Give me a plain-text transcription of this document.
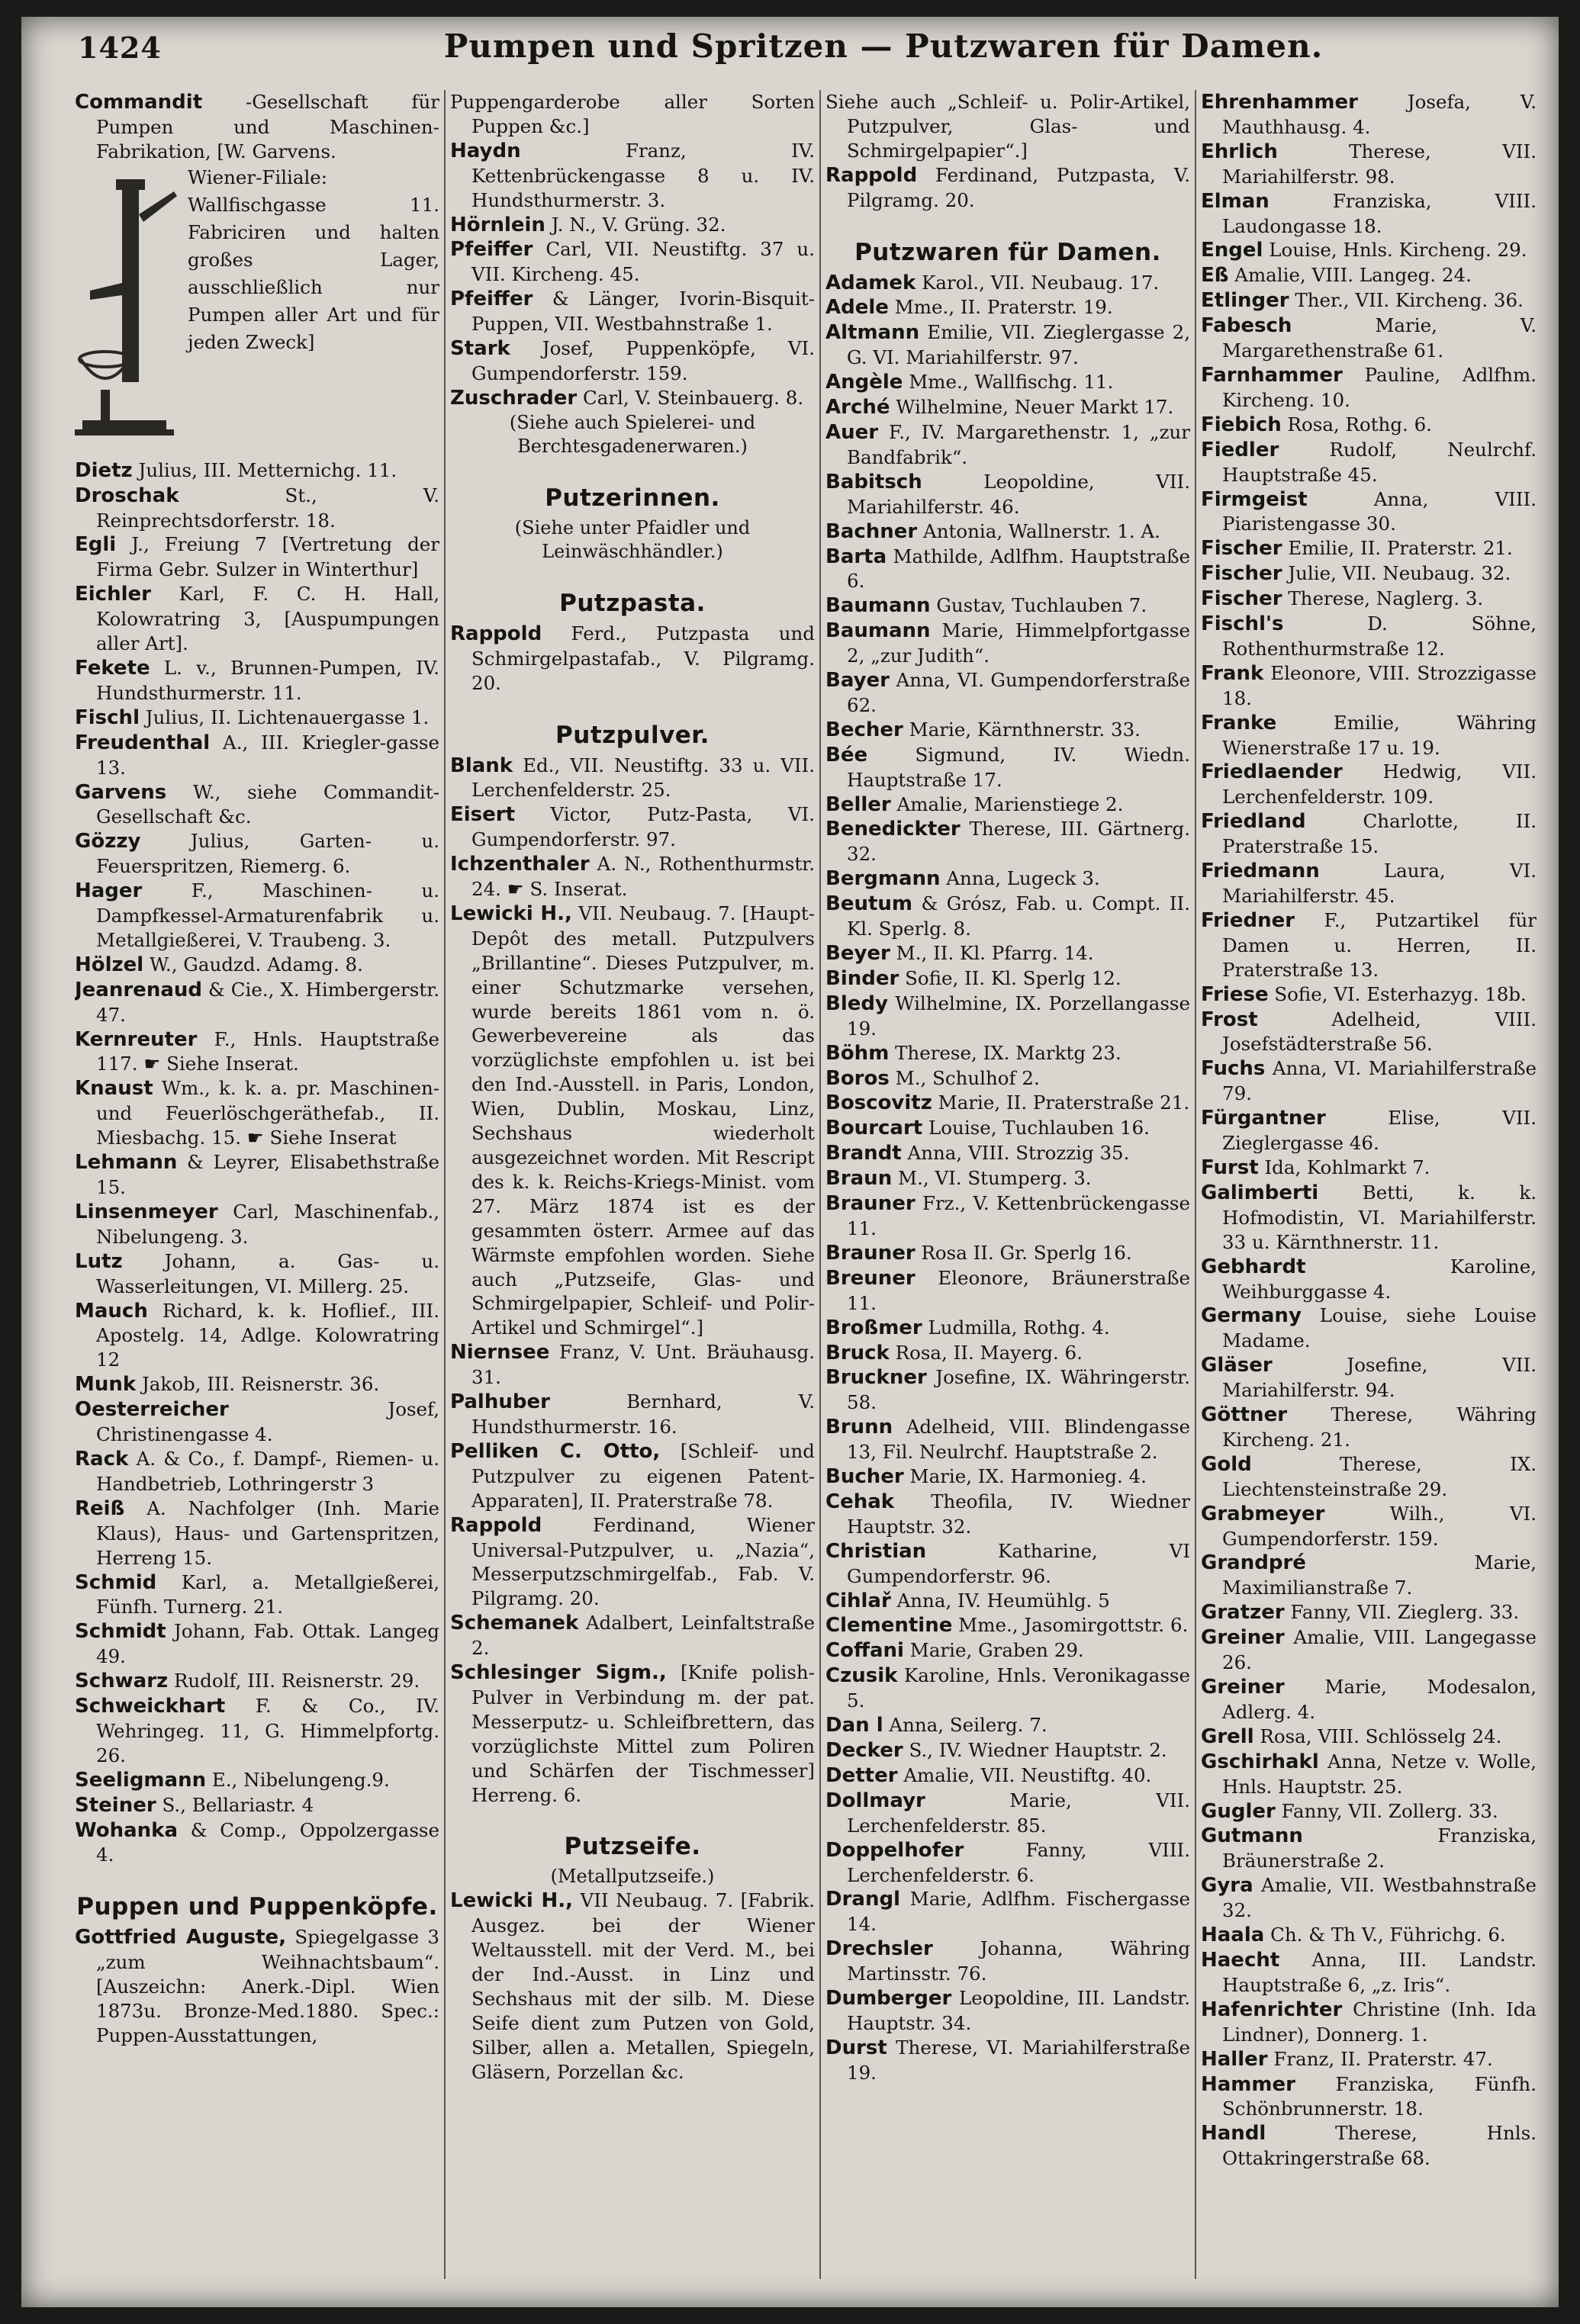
1424	Pumpen und Spritzen — Putzwaren für Damen.

Commandit -Gesellschaft für Pumpen und Maschinen-Fabrikation, [W. Garvens.

Wiener-Filiale: Wallfischgasse 11. Fabriciren und halten großes Lager, ausschließlich nur Pumpen aller Art und für jeden Zweck]

Dietz Julius, III. Metternichg. 11.

Droschak St., V. Reinprechtsdorferstr. 18.

Egli J., Freiung 7 [Vertretung der Firma Gebr. Sulzer in Winterthur]

Eichler Karl, F. C. H. Hall, Kolowratring 3, [Auspumpungen aller Art].

Fekete L. v., Brunnen-Pumpen, IV. Hundsthurmerstr. 11.

Fischl Julius, II. Lichtenauergasse 1.

Freudenthal A., III. Kriegler-gasse 13.

Garvens W., siehe Commandit-Gesellschaft &c.

Gözzy Julius, Garten- u. Feuerspritzen, Riemerg. 6.

Hager F., Maschinen- u. Dampfkessel-Armaturenfabrik u. Metallgießerei, V. Traubeng. 3.

Hölzel W., Gaudzd. Adamg. 8.

Jeanrenaud & Cie., X. Himbergerstr. 47.

Kernreuter F., Hnls. Hauptstraße 117. ☛ Siehe Inserat.

Knaust Wm., k. k. a. pr. Maschinen- und Feuerlöschgeräthefab., II. Miesbachg. 15. ☛ Siehe Inserat

Lehmann & Leyrer, Elisabethstraße 15.

Linsenmeyer Carl, Maschinenfab., Nibelungeng. 3.

Lutz Johann, a. Gas- u. Wasserleitungen, VI. Millerg. 25.

Mauch Richard, k. k. Hoflief., III. Apostelg. 14, Adlge. Kolowratring 12

Munk Jakob, III. Reisnerstr. 36.

Oesterreicher Josef, Christinengasse 4.

Rack A. & Co., f. Dampf-, Riemen- u. Handbetrieb, Lothringerstr 3

Reiß A. Nachfolger (Inh. Marie Klaus), Haus- und Gartenspritzen, Herreng 15.

Schmid Karl, a. Metallgießerei, Fünfh. Turnerg. 21.

Schmidt Johann, Fab. Ottak. Langeg 49.

Schwarz Rudolf, III. Reisnerstr. 29.

Schweickhart F. & Co., IV. Wehringeg. 11, G. Himmelpfortg. 26.

Seeligmann E., Nibelungeng.9.

Steiner S., Bellariastr. 4

Wohanka & Comp., Oppolzergasse 4.

Puppen und Puppenköpfe.

Gottfried Auguste, Spiegelgasse 3 „zum Weihnachtsbaum“. [Auszeichn: Anerk.-Dipl. Wien 1873u. Bronze-Med.1880. Spec.: Puppen-Ausstattungen,

Puppengarderobe aller Sorten Puppen &c.]

Haydn Franz, IV. Kettenbrückengasse 8 u. IV. Hundsthurmerstr. 3.

Hörnlein J. N., V. Grüng. 32.

Pfeiffer Carl, VII. Neustiftg. 37 u. VII. Kircheng. 45.

Pfeiffer & Länger, Ivorin-Bisquit-Puppen, VII. Westbahnstraße 1.

Stark Josef, Puppenköpfe, VI. Gumpendorferstr. 159.

Zuschrader Carl, V. Steinbauerg. 8.

(Siehe auch Spielerei- und Berchtesgadenerwaren.)
Putzerinnen.
(Siehe unter Pfaidler und Leinwäschhändler.)
Putzpasta.

Rappold Ferd., Putzpasta und Schmirgelpastafab., V. Pilgramg. 20.

Putzpulver.

Blank Ed., VII. Neustiftg. 33 u. VII. Lerchenfelderstr. 25.

Eisert Victor, Putz-Pasta, VI. Gumpendorferstr. 97.

Ichzenthaler A. N., Rothenthurmstr. 24. ☛ S. Inserat.

Lewicki H., VII. Neubaug. 7. [Haupt-Depôt des metall. Putzpulvers „Brillantine“. Dieses Putzpulver, m. einer Schutzmarke versehen, wurde bereits 1861 vom n. ö. Gewerbevereine als das vorzüglichste empfohlen u. ist bei den Ind.-Ausstell. in Paris, London, Wien, Dublin, Moskau, Linz, Sechshaus wiederholt ausgezeichnet worden. Mit Rescript des k. k. Reichs-Kriegs-Minist. vom 27. März 1874 ist es der gesammten österr. Armee auf das Wärmste empfohlen worden. Siehe auch „Putzseife, Glas- und Schmirgelpapier, Schleif- und Polir-Artikel und Schmirgel“.]

Niernsee Franz, V. Unt. Bräuhausg. 31.

Palhuber Bernhard, V. Hundsthurmerstr. 16.

Pelliken C. Otto, [Schleif- und Putzpulver zu eigenen Patent-Apparaten], II. Praterstraße 78.

Rappold Ferdinand, Wiener Universal-Putzpulver, u. „Nazia“, Messerputzschmirgelfab., Fab. V. Pilgramg. 20.

Schemanek Adalbert, Leinfaltstraße 2.

Schlesinger Sigm., [Knife polish-Pulver in Verbindung m. der pat. Messerputz- u. Schleifbrettern, das vorzüglichste Mittel zum Poliren und Schärfen der Tischmesser] Herreng. 6.

Putzseife.
(Metallputzseife.)

Lewicki H., VII Neubaug. 7. [Fabrik. Ausgez. bei der Wiener Weltausstell. mit der Verd. M., bei der Ind.-Ausst. in Linz und Sechshaus mit der silb. M. Diese Seife dient zum Putzen von Gold, Silber, allen a. Metallen, Spiegeln, Gläsern, Porzellan &c.

Siehe auch „Schleif- u. Polir-Artikel, Putzpulver, Glas- und Schmirgelpapier“.]

Rappold Ferdinand, Putzpasta, V. Pilgramg. 20.

Putzwaren für Damen.

Adamek Karol., VII. Neubaug. 17.

Adele Mme., II. Praterstr. 19.

Altmann Emilie, VII. Zieglergasse 2, G. VI. Mariahilferstr. 97.

Angèle Mme., Wallfischg. 11.

Arché Wilhelmine, Neuer Markt 17.

Auer F., IV. Margarethenstr. 1, „zur Bandfabrik“.

Babitsch Leopoldine, VII. Mariahilferstr. 46.

Bachner Antonia, Wallnerstr. 1. A.

Barta Mathilde, Adlfhm. Hauptstraße 6.

Baumann Gustav, Tuchlauben 7.

Baumann Marie, Himmelpfortgasse 2, „zur Judith“.

Bayer Anna, VI. Gumpendorferstraße 62.

Becher Marie, Kärnthnerstr. 33.

Bée Sigmund, IV. Wiedn. Hauptstraße 17.

Beller Amalie, Marienstiege 2.

Benedickter Therese, III. Gärtnerg. 32.

Bergmann Anna, Lugeck 3.

Beutum & Grósz, Fab. u. Compt. II. Kl. Sperlg. 8.

Beyer M., II. Kl. Pfarrg. 14.

Binder Sofie, II. Kl. Sperlg 12.

Bledy Wilhelmine, IX. Porzellangasse 19.

Böhm Therese, IX. Marktg 23.

Boros M., Schulhof 2.

Boscovitz Marie, II. Praterstraße 21.

Bourcart Louise, Tuchlauben 16.

Brandt Anna, VIII. Strozzig 35.

Braun M., VI. Stumperg. 3.

Brauner Frz., V. Kettenbrückengasse 11.

Brauner Rosa II. Gr. Sperlg 16.

Breuner Eleonore, Bräunerstraße 11.

Broßmer Ludmilla, Rothg. 4.

Bruck Rosa, II. Mayerg. 6.

Bruckner Josefine, IX. Währingerstr. 58.

Brunn Adelheid, VIII. Blindengasse 13, Fil. Neulrchf. Hauptstraße 2.

Bucher Marie, IX. Harmonieg. 4.

Cehak Theofila, IV. Wiedner Hauptstr. 32.

Christian Katharine, VI Gumpendorferstr. 96.

Cihlař Anna, IV. Heumühlg. 5

Clementine Mme., Jasomirgottstr. 6.

Coffani Marie, Graben 29.

Czusik Karoline, Hnls. Veronikagasse 5.

Dan l Anna, Seilerg. 7.

Decker S., IV. Wiedner Hauptstr. 2.

Detter Amalie, VII. Neustiftg. 40.

Dollmayr Marie, VII. Lerchenfelderstr. 85.

Doppelhofer Fanny, VIII. Lerchenfelderstr. 6.

Drangl Marie, Adlfhm. Fischergasse 14.

Drechsler Johanna, Währing Martinsstr. 76.

Dumberger Leopoldine, III. Landstr. Hauptstr. 34.

Durst Therese, VI. Mariahilferstraße 19.

Ehrenhammer Josefa, V. Mauthhausg. 4.

Ehrlich Therese, VII. Mariahilferstr. 98.

Elman Franziska, VIII. Laudongasse 18.

Engel Louise, Hnls. Kircheng. 29.

Eß Amalie, VIII. Langeg. 24.

Etlinger Ther., VII. Kircheng. 36.

Fabesch Marie, V. Margarethenstraße 61.

Farnhammer Pauline, Adlfhm. Kircheng. 10.

Fiebich Rosa, Rothg. 6.

Fiedler Rudolf, Neulrchf. Hauptstraße 45.

Firmgeist Anna, VIII. Piaristengasse 30.

Fischer Emilie, II. Praterstr. 21.

Fischer Julie, VII. Neubaug. 32.

Fischer Therese, Naglerg. 3.

Fischl's D. Söhne, Rothenthurmstraße 12.

Frank Eleonore, VIII. Strozzigasse 18.

Franke Emilie, Währing Wienerstraße 17 u. 19.

Friedlaender Hedwig, VII. Lerchenfelderstr. 109.

Friedland Charlotte, II. Praterstraße 15.

Friedmann Laura, VI. Mariahilferstr. 45.

Friedner F., Putzartikel für Damen u. Herren, II. Praterstraße 13.

Friese Sofie, VI. Esterhazyg. 18b.

Frost Adelheid, VIII. Josefstädterstraße 56.

Fuchs Anna, VI. Mariahilferstraße 79.

Fürgantner Elise, VII. Zieglergasse 46.

Furst Ida, Kohlmarkt 7.

Galimberti Betti, k. k. Hofmodistin, VI. Mariahilferstr. 33 u. Kärnthnerstr. 11.

Gebhardt Karoline, Weihburggasse 4.

Germany Louise, siehe Louise Madame.

Gläser Josefine, VII. Mariahilferstr. 94.

Göttner Therese, Währing Kircheng. 21.

Gold Therese, IX. Liechtensteinstraße 29.

Grabmeyer Wilh., VI. Gumpendorferstr. 159.

Grandpré Marie, Maximilianstraße 7.

Gratzer Fanny, VII. Zieglerg. 33.

Greiner Amalie, VIII. Langegasse 26.

Greiner Marie, Modesalon, Adlerg. 4.

Grell Rosa, VIII. Schlösselg 24.

Gschirhakl Anna, Netze v. Wolle, Hnls. Hauptstr. 25.

Gugler Fanny, VII. Zollerg. 33.

Gutmann Franziska, Bräunerstraße 2.

Gyra Amalie, VII. Westbahnstraße 32.

Haala Ch. & Th V., Führichg. 6.

Haecht Anna, III. Landstr. Hauptstraße 6, „z. Iris“.

Hafenrichter Christine (Inh. Ida Lindner), Donnerg. 1.

Haller Franz, II. Praterstr. 47.

Hammer Franziska, Fünfh. Schönbrunnerstr. 18.

Handl Therese, Hnls. Ottakringerstraße 68.
